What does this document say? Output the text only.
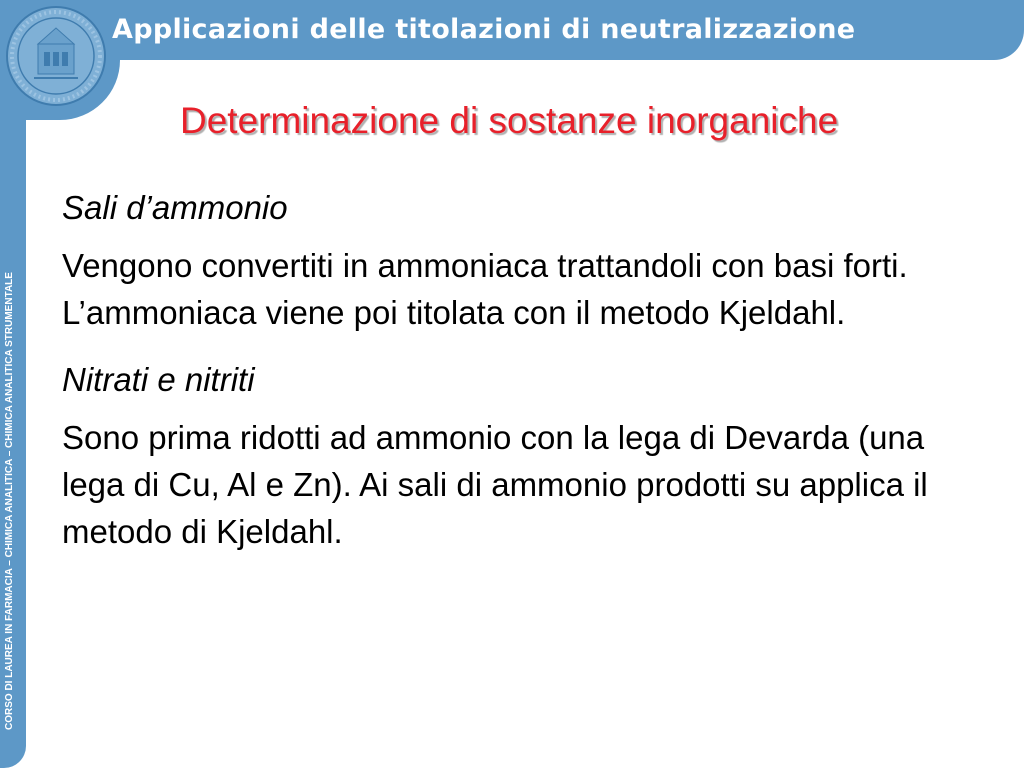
Applicazioni delle titolazioni di neutralizzazione
CORSO DI LAUREA IN FARMACIA – CHIMICA ANALITICA – CHIMICA ANALITICA STRUMENTALE
Determinazione di sostanze inorganiche

Sali d’ammonio

Vengono convertiti in ammoniaca trattandoli con basi forti. L’ammoniaca viene poi titolata con il metodo Kjeldahl.

Nitrati e nitriti

Sono prima ridotti ad ammonio con la lega di Devarda (una lega di Cu, Al e Zn). Ai sali di ammonio prodotti su applica il metodo di Kjeldahl.
